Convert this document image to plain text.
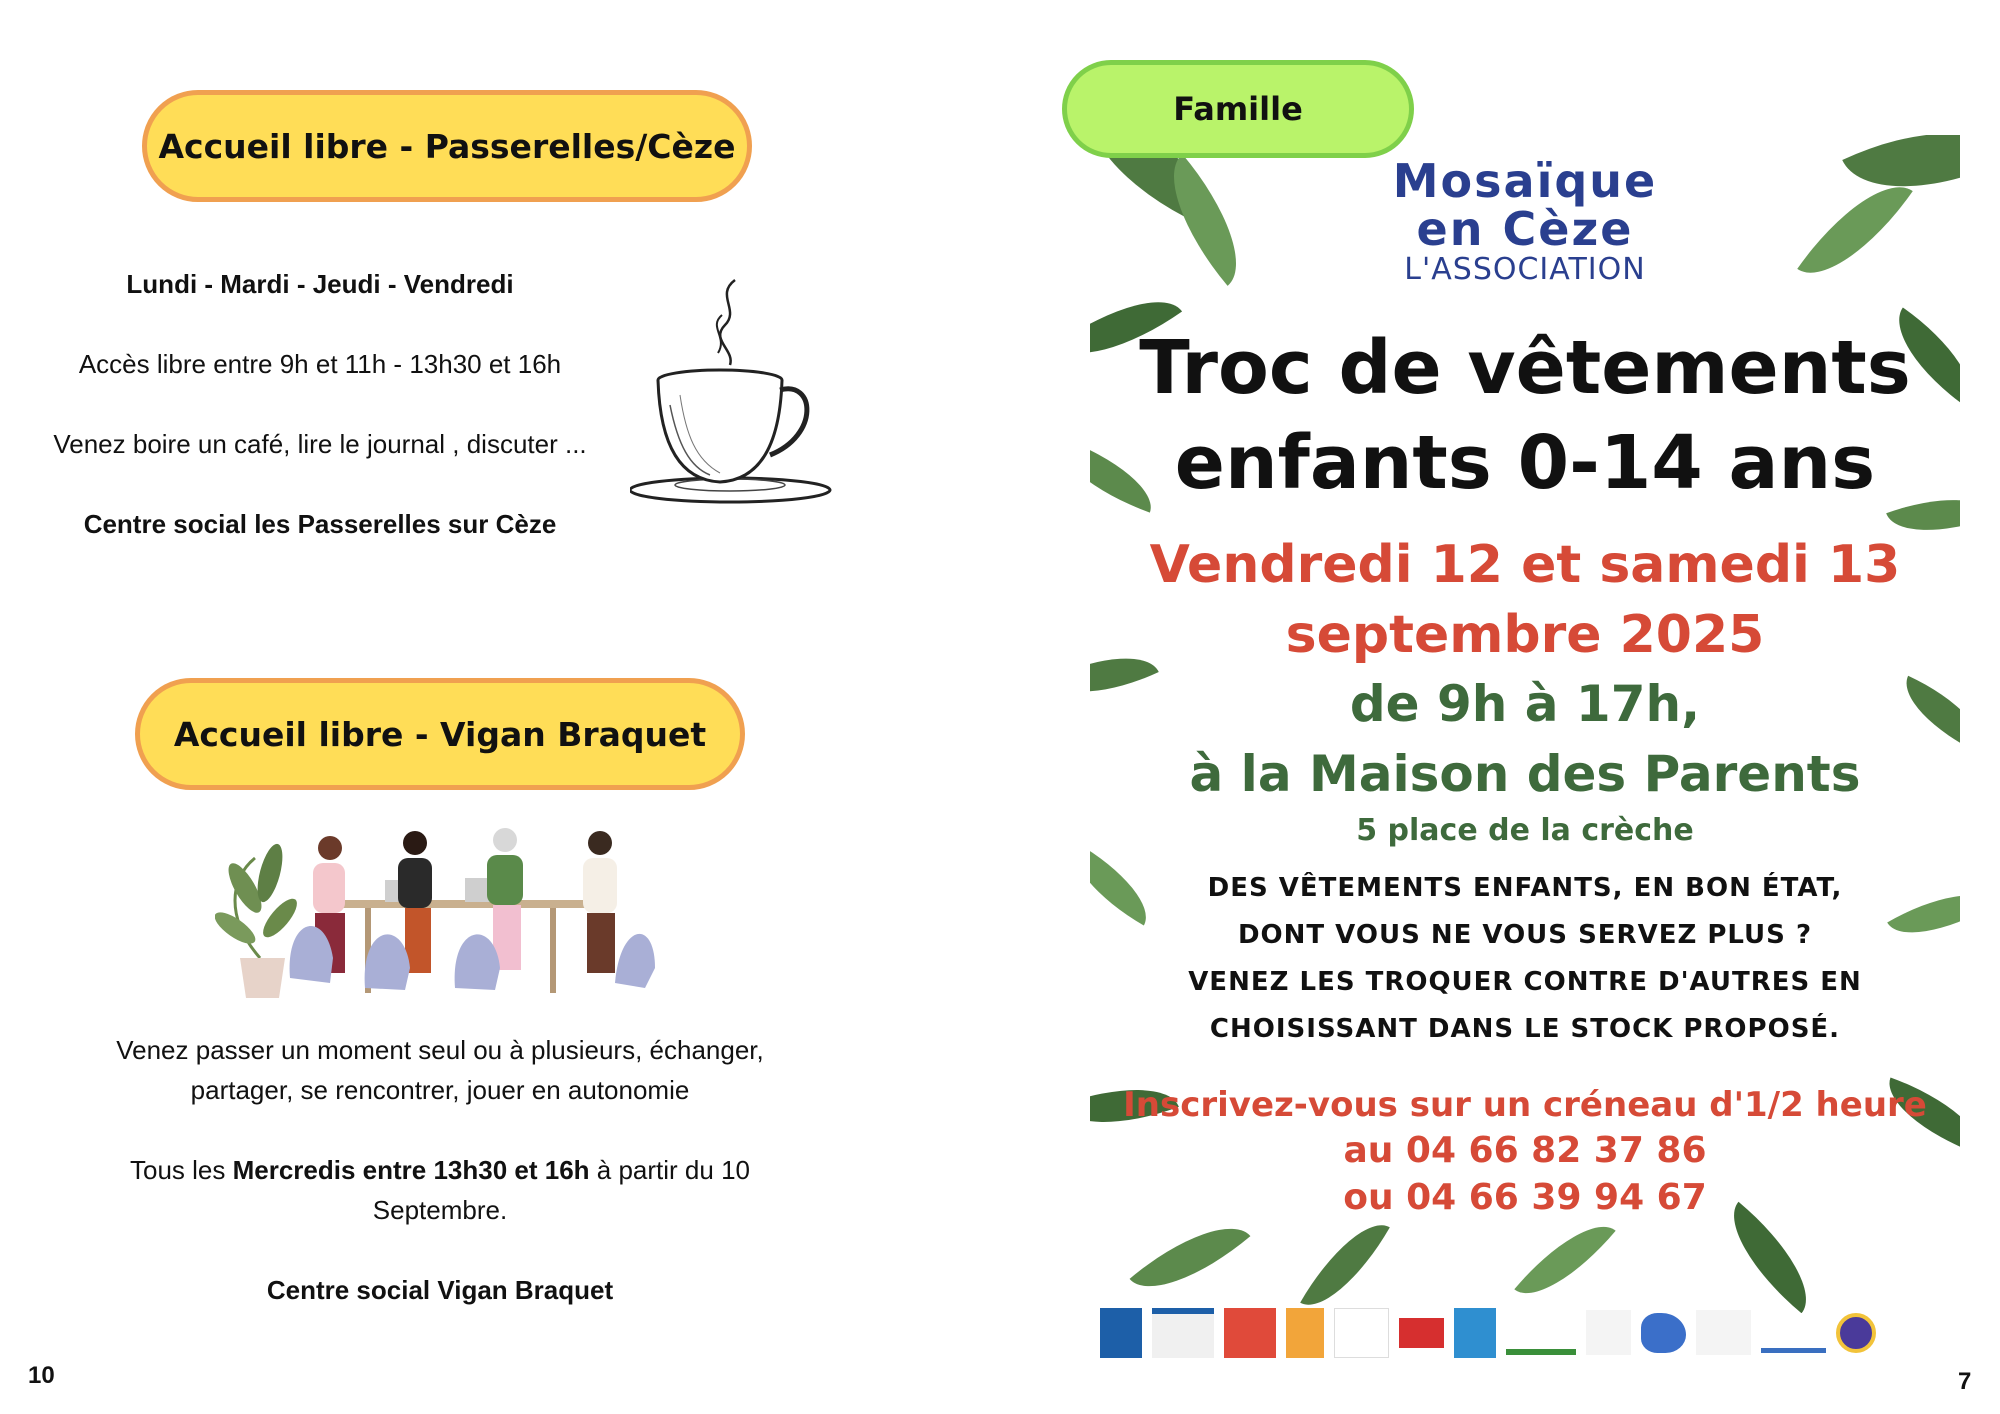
Accueil libre - Passerelles/Cèze
Lundi - Mardi - Jeudi - Vendredi
Accès libre entre 9h et 11h - 13h30 et 16h
Venez boire un café, lire le journal , discuter ...
Centre social les Passerelles sur Cèze
Accueil libre - Vigan Braquet
Venez passer un moment seul ou à plusieurs, échanger,
partager, se rencontrer, jouer en autonomie
Tous les Mercredis entre 13h30 et 16h à partir du 10
Septembre.
Centre social Vigan Braquet
10
Mosaïque
en Cèze
L'ASSOCIATION
Troc de vêtements
enfants 0-14 ans
Vendredi 12 et samedi 13
septembre 2025
de 9h à 17h,
à la Maison des Parents
5 place de la crèche
DES VÊTEMENTS ENFANTS, EN BON ÉTAT,
DONT VOUS NE VOUS SERVEZ PLUS ?
VENEZ LES TROQUER CONTRE D'AUTRES EN
CHOISISSANT DANS LE STOCK PROPOSÉ.
Inscrivez-vous sur un créneau d'1/2 heure
au 04 66 82 37 86
ou 04 66 39 94 67
Famille
7
